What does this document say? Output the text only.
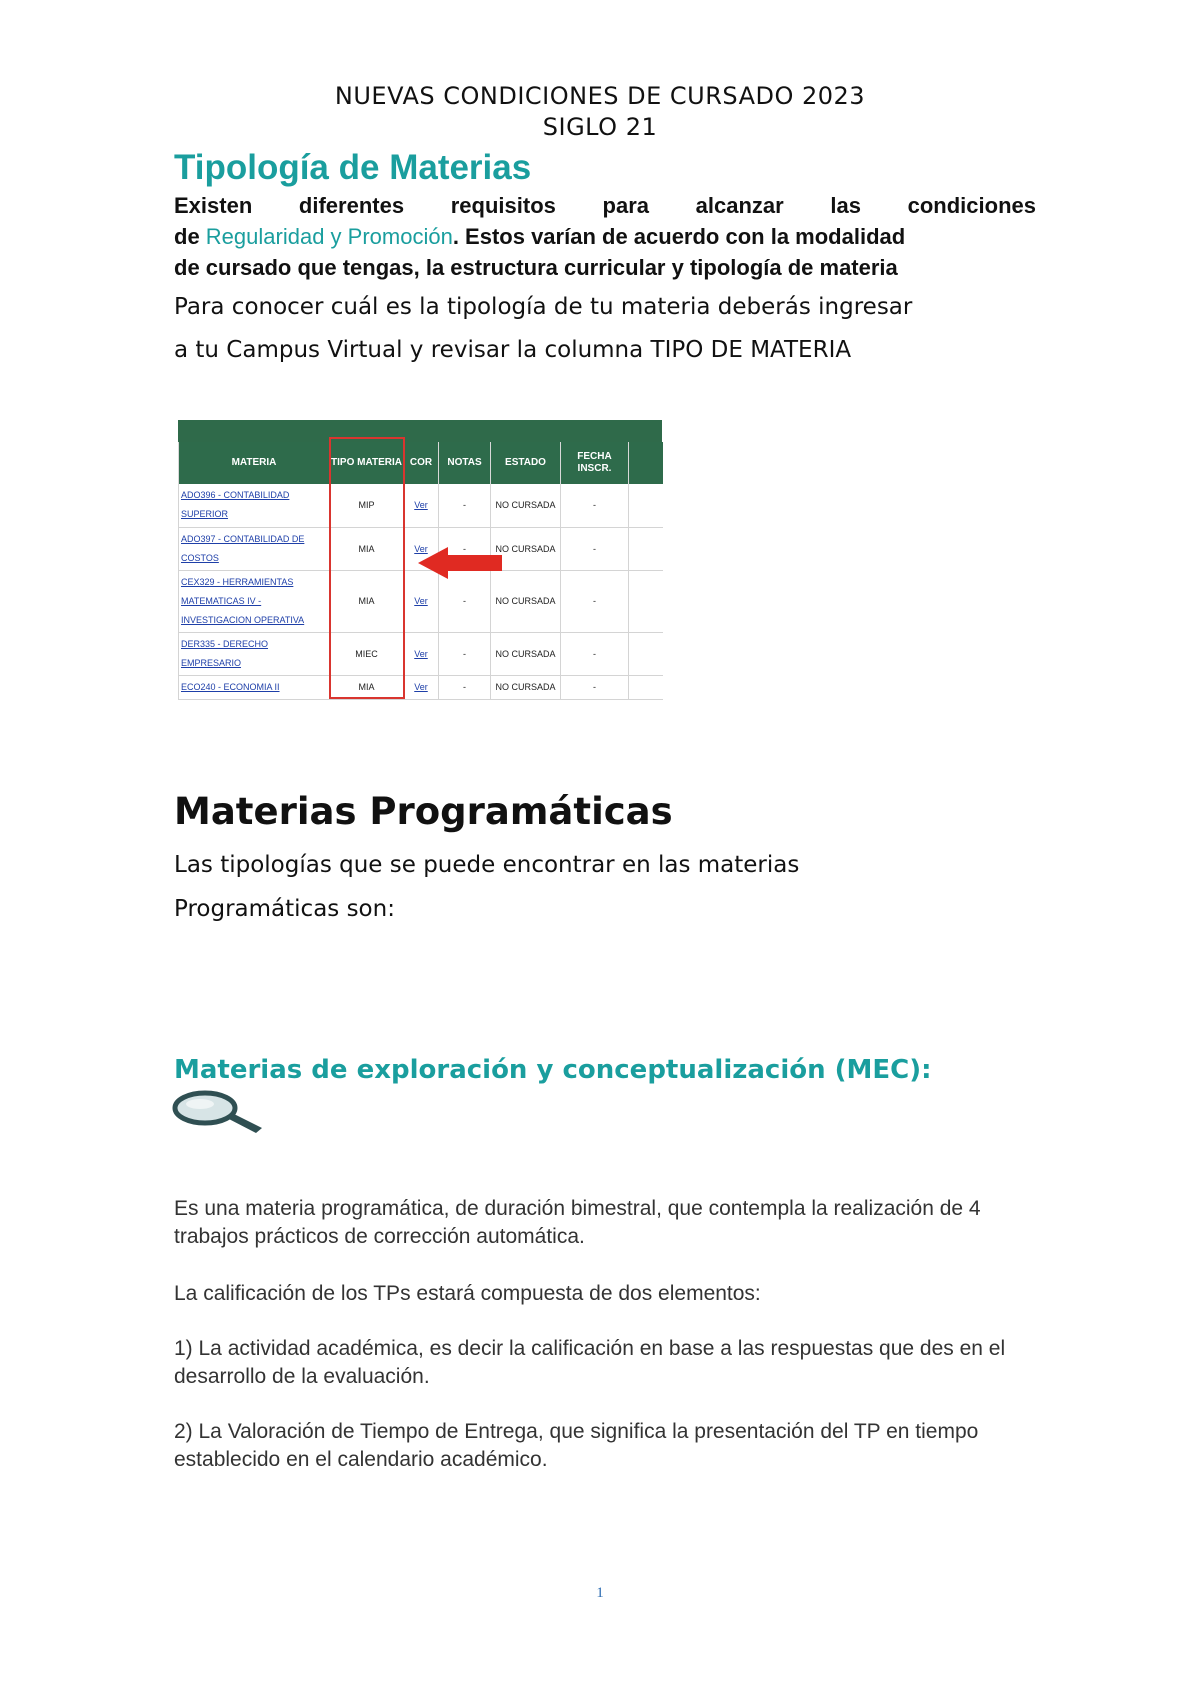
NUEVAS CONDICIONES DE CURSADO 2023
SIGLO 21
Tipología de Materias
Existen diferentes requisitos para alcanzar las condiciones
de Regularidad y Promoción. Estos varían de acuerdo con la modalidad
de cursado que tengas, la estructura curricular y tipología de materia
Para conocer cuál es la tipología de tu materia deberás ingresar
a tu Campus Virtual y revisar la columna TIPO DE MATERIA
MATERIA	TIPO MATERIA	COR	NOTAS	ESTADO	FECHA INSCR.	
ADO396 - CONTABILIDAD SUPERIOR	MIP	Ver	-	NO CURSADA	-	
ADO397 - CONTABILIDAD DE COSTOS	MIA	Ver	-	NO CURSADA	-	
CEX329 - HERRAMIENTAS MATEMATICAS IV - INVESTIGACION OPERATIVA	MIA	Ver	-	NO CURSADA	-	
DER335 - DERECHO EMPRESARIO	MIEC	Ver	-	NO CURSADA	-	
ECO240 - ECONOMIA II	MIA	Ver	-	NO CURSADA	-	
Materias Programáticas
Las tipologías que se puede encontrar en las materias
Programáticas son:
Materias de exploración y conceptualización (MEC):
Es una materia programática, de duración bimestral, que contempla la realización de 4 trabajos prácticos de corrección automática.
La calificación de los TPs estará compuesta de dos elementos:
1) La actividad académica, es decir la calificación en base a las respuestas que des en el desarrollo de la evaluación.
2) La Valoración de Tiempo de Entrega, que significa la presentación del TP en tiempo establecido en el calendario académico.
1
